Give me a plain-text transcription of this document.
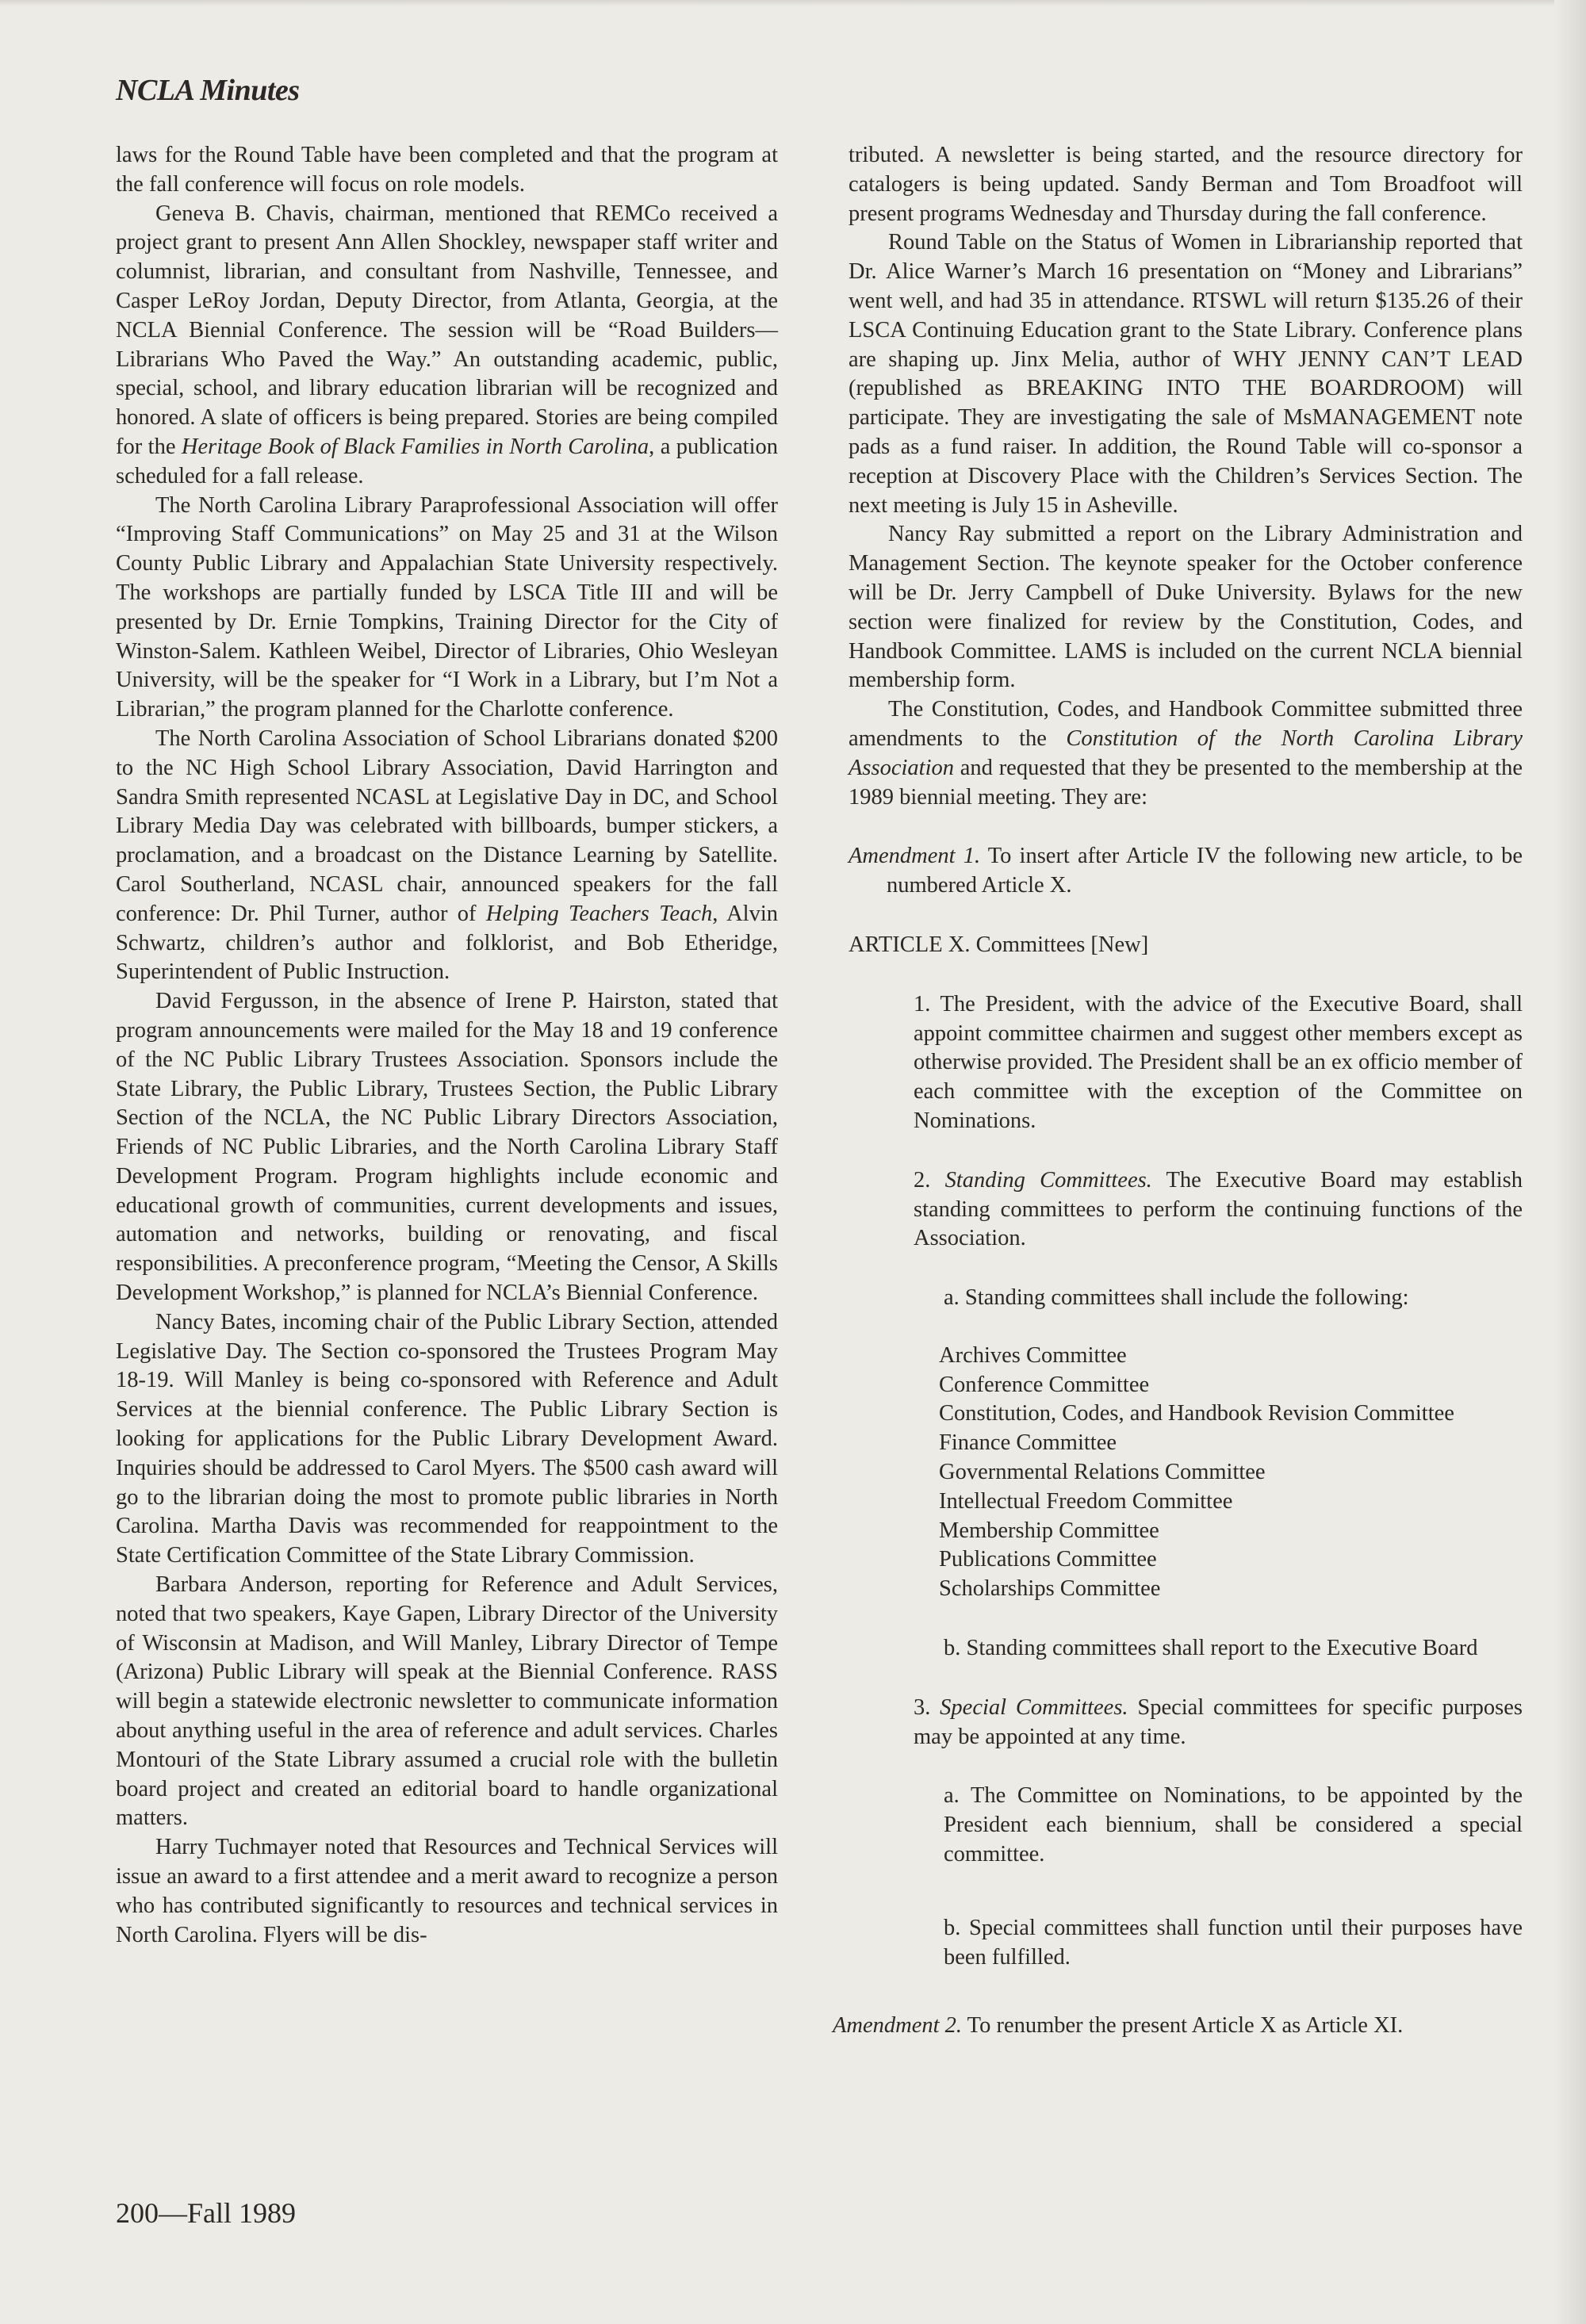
NCLA Minutes

laws for the Round Table have been completed and that the program at the fall conference will focus on role models.

Geneva B. Chavis, chairman, mentioned that REMCo received a project grant to present Ann Allen Shockley, newspaper staff writer and columnist, librarian, and consultant from Nashville, Tennessee, and Casper LeRoy Jordan, Deputy Director, from Atlanta, Georgia, at the NCLA Biennial Conference. The session will be “Road Builders—Librarians Who Paved the Way.” An outstanding academic, public, special, school, and library education librarian will be recognized and honored. A slate of officers is being prepared. Stories are being compiled for the Heritage Book of Black Families in North Carolina, a publication scheduled for a fall release.

The North Carolina Library Paraprofessional Association will offer “Improving Staff Communications” on May 25 and 31 at the Wilson County Public Library and Appalachian State University respectively. The workshops are partially funded by LSCA Title III and will be presented by Dr. Ernie Tompkins, Training Director for the City of Winston-Salem. Kathleen Weibel, Director of Libraries, Ohio Wesleyan University, will be the speaker for “I Work in a Library, but I’m Not a Librarian,” the program planned for the Charlotte conference.

The North Carolina Association of School Librarians donated $200 to the NC High School Library Association, David Harrington and Sandra Smith represented NCASL at Legislative Day in DC, and School Library Media Day was celebrated with billboards, bumper stickers, a proclamation, and a broadcast on the Distance Learning by Satellite. Carol Southerland, NCASL chair, announced speakers for the fall conference: Dr. Phil Turner, author of Helping Teachers Teach, Alvin Schwartz, children’s author and folklorist, and Bob Etheridge, Superintendent of Public Instruction.

David Fergusson, in the absence of Irene P. Hairston, stated that program announcements were mailed for the May 18 and 19 conference of the NC Public Library Trustees Association. Sponsors include the State Library, the Public Library, Trustees Section, the Public Library Section of the NCLA, the NC Public Library Directors Association, Friends of NC Public Libraries, and the North Carolina Library Staff Development Program. Program highlights include economic and educational growth of communities, current developments and issues, automation and networks, building or renovating, and fiscal responsibilities. A preconference program, “Meeting the Censor, A Skills Development Workshop,” is planned for NCLA’s Biennial Conference.

Nancy Bates, incoming chair of the Public Library Section, attended Legislative Day. The Section co-sponsored the Trustees Program May 18-19. Will Manley is being co-sponsored with Reference and Adult Services at the biennial conference. The Public Library Section is looking for applications for the Public Library Development Award. Inquiries should be addressed to Carol Myers. The $500 cash award will go to the librarian doing the most to promote public libraries in North Carolina. Martha Davis was recommended for reappointment to the State Certification Committee of the State Library Commission.

Barbara Anderson, reporting for Reference and Adult Services, noted that two speakers, Kaye Gapen, Library Director of the University of Wisconsin at Madison, and Will Manley, Library Director of Tempe (Arizona) Public Library will speak at the Biennial Conference. RASS will begin a statewide electronic newsletter to communicate information about anything useful in the area of reference and adult services. Charles Montouri of the State Library assumed a crucial role with the bulletin board project and created an editorial board to handle organizational matters.

Harry Tuchmayer noted that Resources and Technical Services will issue an award to a first attendee and a merit award to recognize a person who has contributed significantly to resources and technical services in North Carolina. Flyers will be dis-

tributed. A newsletter is being started, and the resource directory for catalogers is being updated. Sandy Berman and Tom Broadfoot will present programs Wednesday and Thursday during the fall conference.

Round Table on the Status of Women in Librarianship reported that Dr. Alice Warner’s March 16 presentation on “Money and Librarians” went well, and had 35 in attendance. RTSWL will return $135.26 of their LSCA Continuing Education grant to the State Library. Conference plans are shaping up. Jinx Melia, author of WHY JENNY CAN’T LEAD (republished as BREAKING INTO THE BOARDROOM) will participate. They are investigating the sale of MsMANAGEMENT note pads as a fund raiser. In addition, the Round Table will co-sponsor a reception at Discovery Place with the Children’s Services Section. The next meeting is July 15 in Asheville.

Nancy Ray submitted a report on the Library Administration and Management Section. The keynote speaker for the October conference will be Dr. Jerry Campbell of Duke University. Bylaws for the new section were finalized for review by the Constitution, Codes, and Handbook Committee. LAMS is included on the current NCLA biennial membership form.

The Constitution, Codes, and Handbook Committee submitted three amendments to the Constitution of the North Carolina Library Association and requested that they be presented to the membership at the 1989 biennial meeting. They are:

Amendment 1. To insert after Article IV the following new article, to be numbered Article X.

ARTICLE X. Committees [New]

1. The President, with the advice of the Executive Board, shall appoint committee chairmen and suggest other members except as otherwise provided. The President shall be an ex officio member of each committee with the exception of the Committee on Nominations.

2. Standing Committees. The Executive Board may establish standing committees to perform the continuing functions of the Association.

a. Standing committees shall include the following:

Archives Committee
Conference Committee
Constitution, Codes, and Handbook Revision Committee
Finance Committee
Governmental Relations Committee
Intellectual Freedom Committee
Membership Committee
Publications Committee
Scholarships Committee

b. Standing committees shall report to the Executive Board

3. Special Committees. Special committees for specific purposes may be appointed at any time.

a. The Committee on Nominations, to be appointed by the President each biennium, shall be considered a special committee.

b. Special committees shall function until their purposes have been fulfilled.

Amendment 2. To renumber the present Article X as Article XI.

200—Fall 1989
